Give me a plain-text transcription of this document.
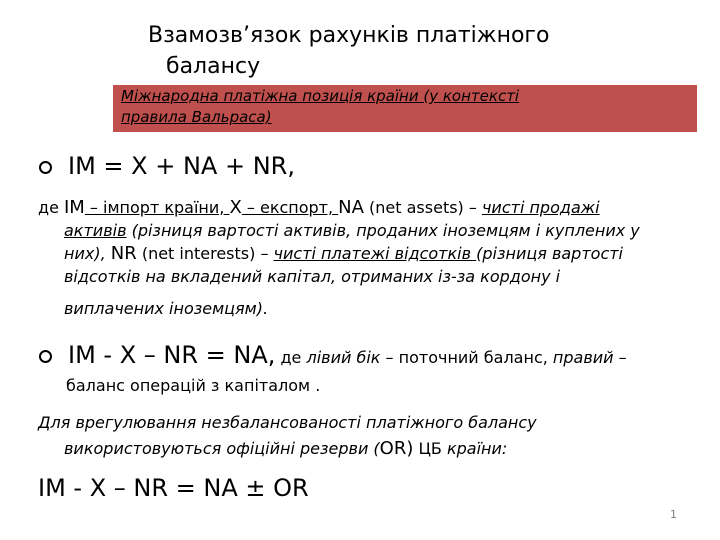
Взамозв’язок рахунків платіжного
балансу
Міжнародна платіжна позиція країни (у контексті
правила Вальраса)
IM = X + NA + NR,
де IM – імпорт країни, X – експорт, NA (net assets) – чисті продажі
активів (різниця вартості активів, проданих іноземцям і куплених у
них), NR (net interests) – чисті платежі відсотків (різниця вартості
відсотків на вкладений капітал, отриманих із-за кордону і
виплачених іноземцям).
IM - X – NR = NA, де лівий бік – поточний баланс, правий –
баланс операцій з капіталом .
Для врегулювання незбалансованості платіжного балансу
використовуються офіційні резерви (OR) ЦБ країни:
IM - X – NR = NA ± OR
1
